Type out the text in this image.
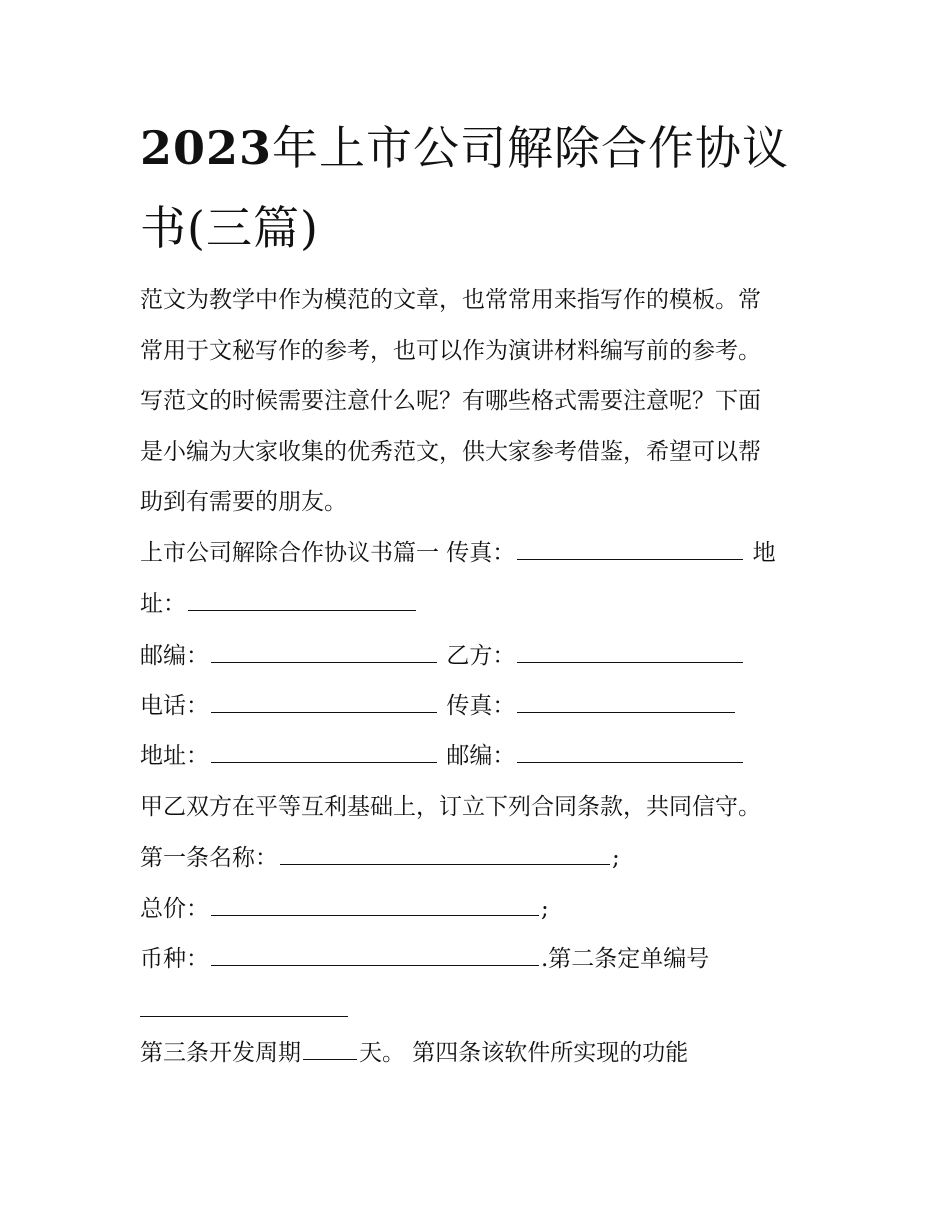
2023年上市公司解除合作协议书(三篇)
范文为教学中作为模范的文章，也常常用来指写作的模板。常
常用于文秘写作的参考，也可以作为演讲材料编写前的参考。
写范文的时候需要注意什么呢？有哪些格式需要注意呢？下面
是小编为大家收集的优秀范文，供大家参考借鉴，希望可以帮
助到有需要的朋友。
上市公司解除合作协议书篇一 传真：	地
址：
邮编：	乙方：
电话：	传真：
地址：	邮编：
甲乙双方在平等互利基础上，订立下列合同条款，共同信守。
第一条名称：	;
总价：	;
币种：	.第二条定单编号
第三条开发周期	天。 第四条该软件所实现的功能
